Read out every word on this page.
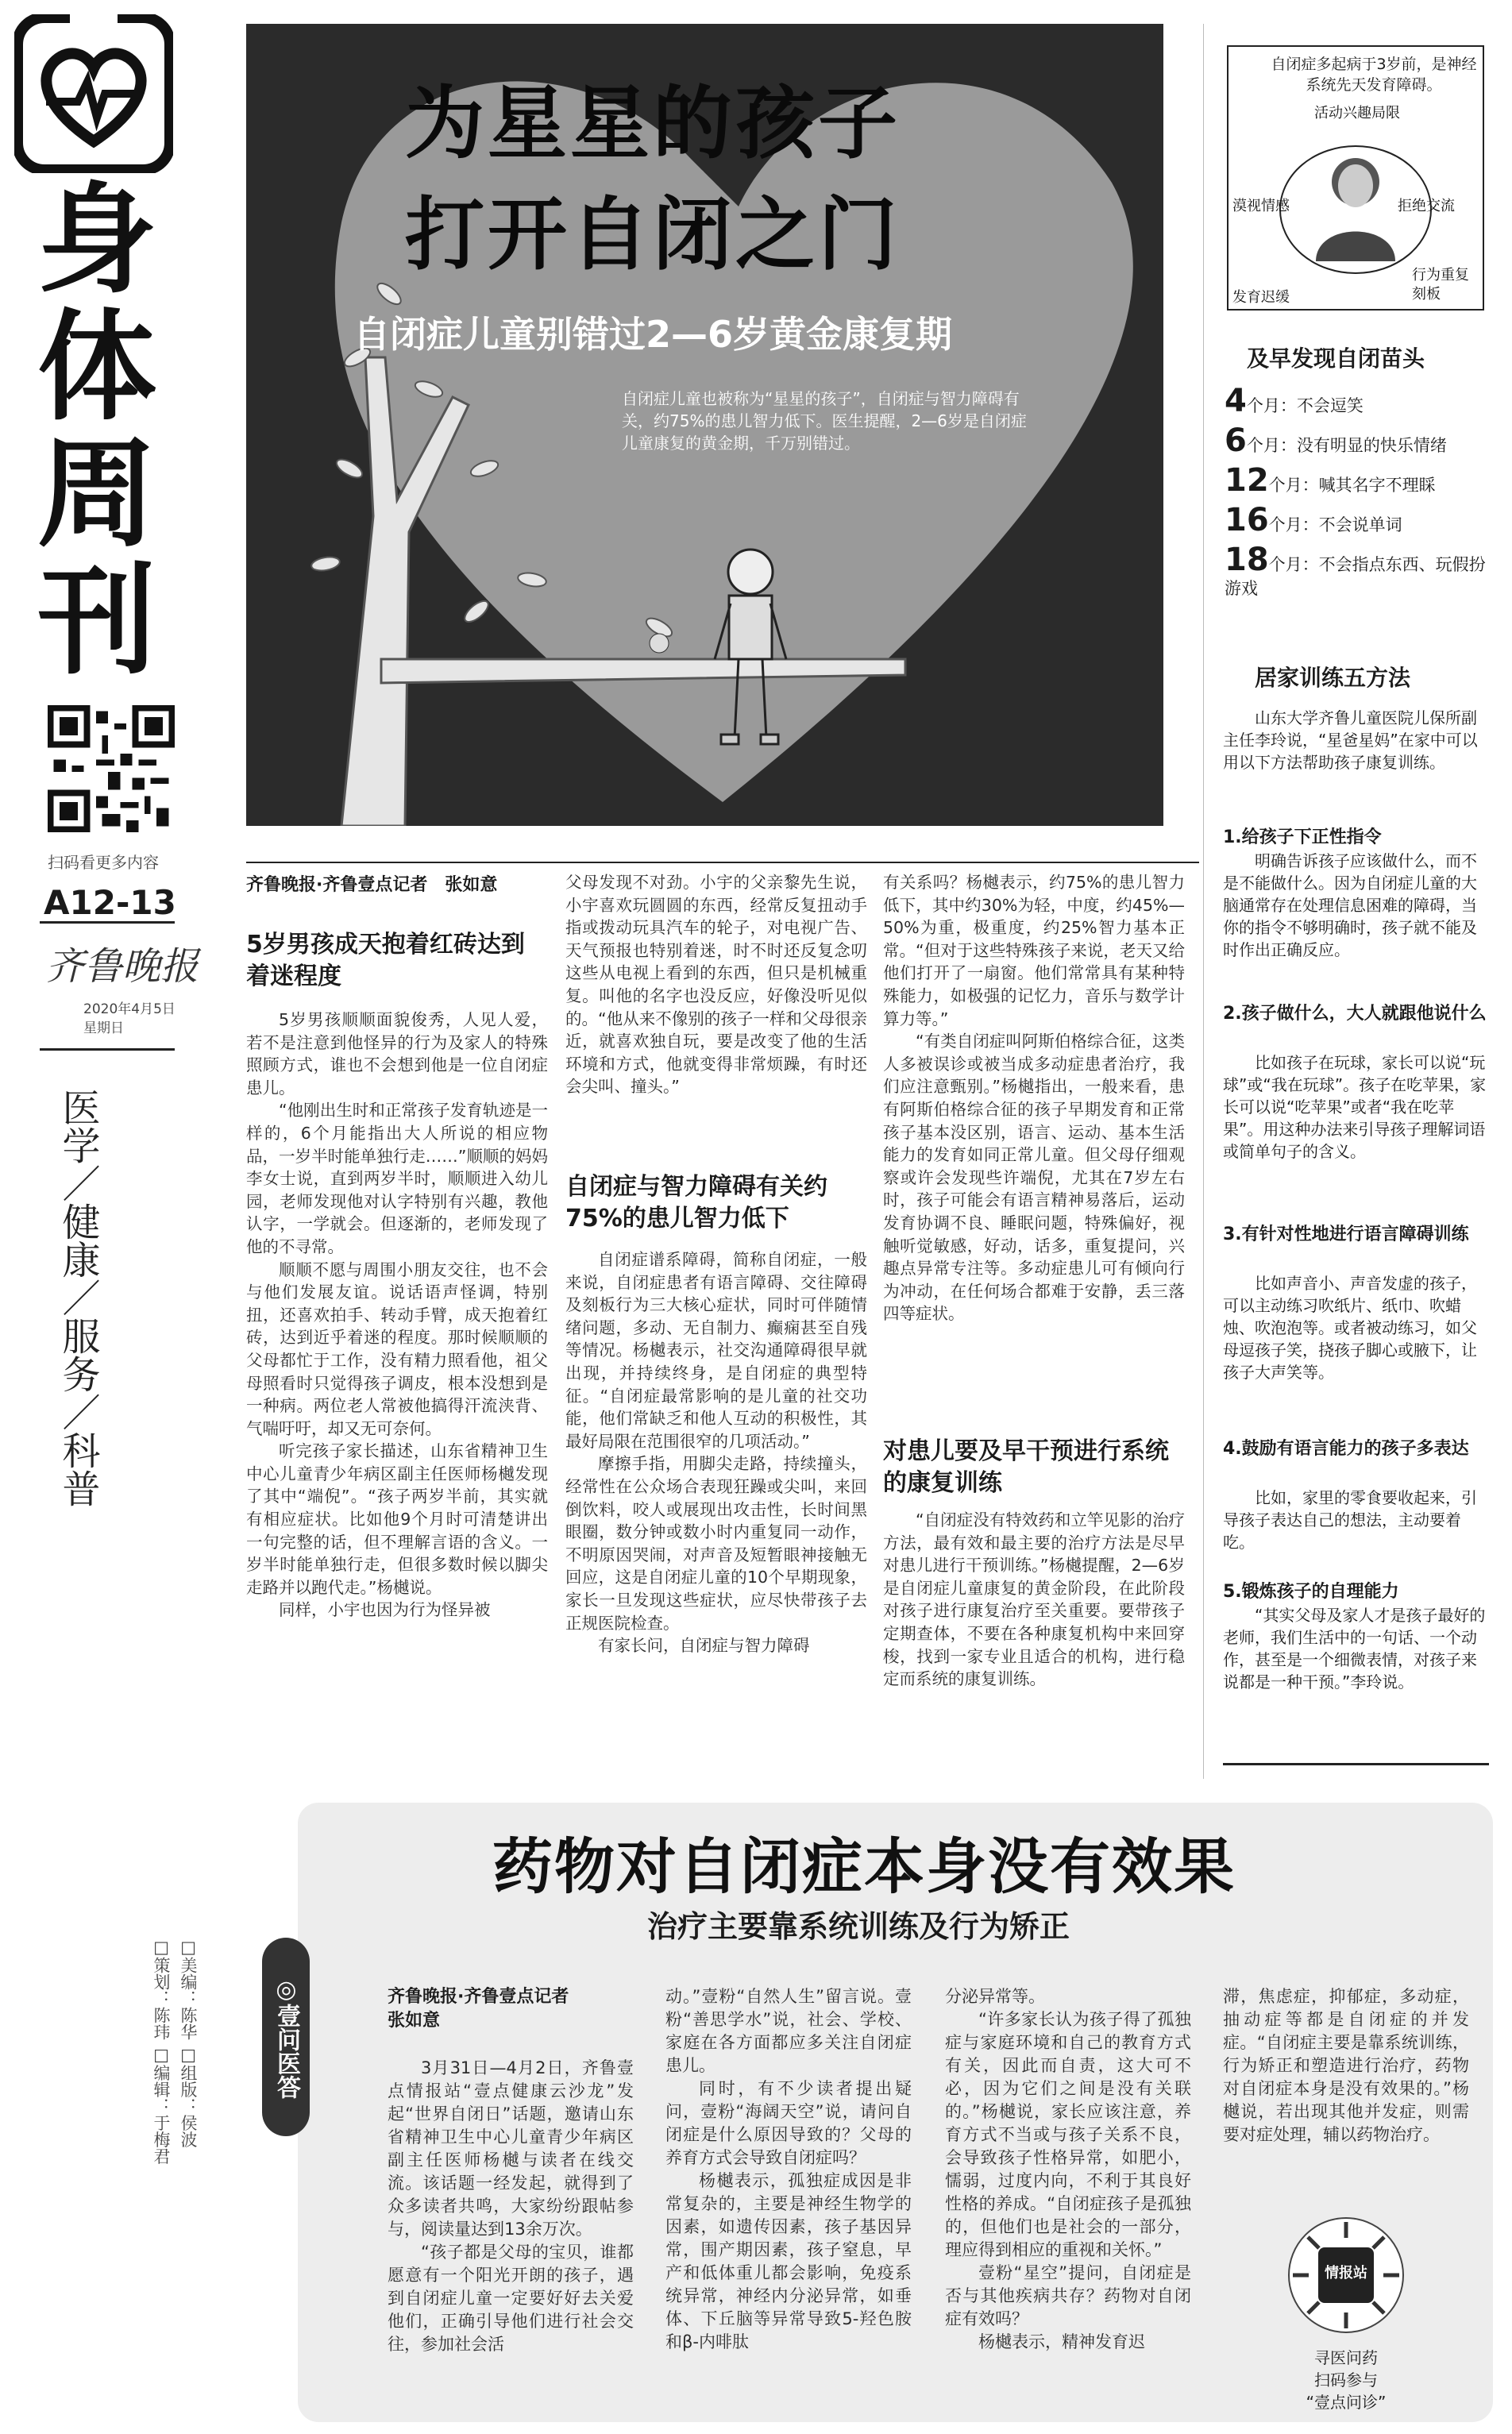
身
体
周
刊
扫码看更多内容
A12-13
齐鲁晚报
2020年4月5日
星期日
医学／健康／服务／科普
为星星的孩子
打开自闭之门
自闭症儿童别错过2—6岁黄金康复期
自闭症儿童也被称为“星星的孩子”，自闭症与智力障碍有关，约75%的患儿智力低下。医生提醒，2—6岁是自闭症儿童康复的黄金期，千万别错过。
自闭症多起病于3岁前，是神经系统先天发育障碍。
活动兴趣局限
漠视情感	拒绝交流
发育迟缓
行为重复刻板
及早发现自闭苗头
4个月：不会逗笑
6个月：没有明显的快乐情绪
12个月：喊其名字不理睬
16个月：不会说单词
18个月：不会指点东西、玩假扮游戏
居家训练五方法
山东大学齐鲁儿童医院儿保所副主任李玲说，“星爸星妈”在家中可以用以下方法帮助孩子康复训练。
1.给孩子下正性指令
明确告诉孩子应该做什么，而不是不能做什么。因为自闭症儿童的大脑通常存在处理信息困难的障碍，当你的指令不够明确时，孩子就不能及时作出正确反应。
2.孩子做什么，大人就跟他说什么
比如孩子在玩球，家长可以说“玩球”或“我在玩球”。孩子在吃苹果，家长可以说“吃苹果”或者“我在吃苹果”。用这种办法来引导孩子理解词语或简单句子的含义。
3.有针对性地进行语言障碍训练
比如声音小、声音发虚的孩子，可以主动练习吹纸片、纸巾、吹蜡烛、吹泡泡等。或者被动练习，如父母逗孩子笑，挠孩子脚心或腋下，让孩子大声笑等。
4.鼓励有语言能力的孩子多表达
比如，家里的零食要收起来，引导孩子表达自己的想法，主动要着吃。
5.锻炼孩子的自理能力
“其实父母及家人才是孩子最好的老师，我们生活中的一句话、一个动作，甚至是一个细微表情，对孩子来说都是一种干预。”李玲说。
齐鲁晚报·齐鲁壹点记者　张如意
5岁男孩成天抱着红砖达到着迷程度

5岁男孩顺顺面貌俊秀，人见人爱，若不是注意到他怪异的行为及家人的特殊照顾方式，谁也不会想到他是一位自闭症患儿。

“他刚出生时和正常孩子发育轨迹是一样的，6个月能指出大人所说的相应物品，一岁半时能单独行走……”顺顺的妈妈李女士说，直到两岁半时，顺顺进入幼儿园，老师发现他对认字特别有兴趣，教他认字，一学就会。但逐渐的，老师发现了他的不寻常。

顺顺不愿与周围小朋友交往，也不会与他们发展友谊。说话语声怪调，特别扭，还喜欢拍手、转动手臂，成天抱着红砖，达到近乎着迷的程度。那时候顺顺的父母都忙于工作，没有精力照看他，祖父母照看时只觉得孩子调皮，根本没想到是一种病。两位老人常被他搞得汗流浃背、气喘吁吁，却又无可奈何。

听完孩子家长描述，山东省精神卫生中心儿童青少年病区副主任医师杨樾发现了其中“端倪”。“孩子两岁半前，其实就有相应症状。比如他9个月时可清楚讲出一句完整的话，但不理解言语的含义。一岁半时能单独行走，但很多数时候以脚尖走路并以跑代走。”杨樾说。

同样，小宇也因为行为怪异被

父母发现不对劲。小宇的父亲黎先生说，小宇喜欢玩圆圆的东西，经常反复扭动手指或拨动玩具汽车的轮子，对电视广告、天气预报也特别着迷，时不时还反复念叨这些从电视上看到的东西，但只是机械重复。叫他的名字也没反应，好像没听见似的。“他从来不像别的孩子一样和父母很亲近，就喜欢独自玩，要是改变了他的生活环境和方式，他就变得非常烦躁，有时还会尖叫、撞头。”

自闭症与智力障碍有关约75%的患儿智力低下

自闭症谱系障碍，简称自闭症，一般来说，自闭症患者有语言障碍、交往障碍及刻板行为三大核心症状，同时可伴随情绪问题，多动、无自制力、癫痫甚至自残等情况。杨樾表示，社交沟通障碍很早就出现，并持续终身，是自闭症的典型特征。“自闭症最常影响的是儿童的社交功能，他们常缺乏和他人互动的积极性，其最好局限在范围很窄的几项活动。”

摩擦手指，用脚尖走路，持续撞头，经常性在公众场合表现狂躁或尖叫，来回倒饮料，咬人或展现出攻击性，长时间黑眼圈，数分钟或数小时内重复同一动作，不明原因哭闹，对声音及短暂眼神接触无回应，这是自闭症儿童的10个早期现象，家长一旦发现这些症状，应尽快带孩子去正规医院检查。

有家长问，自闭症与智力障碍

有关系吗？杨樾表示，约75%的患儿智力低下，其中约30%为轻，中度，约45%—50%为重，极重度，约25%智力基本正常。“但对于这些特殊孩子来说，老天又给他们打开了一扇窗。他们常常具有某种特殊能力，如极强的记忆力，音乐与数学计算力等。”

“有类自闭症叫阿斯伯格综合征，这类人多被误诊或被当成多动症患者治疗，我们应注意甄别。”杨樾指出，一般来看，患有阿斯伯格综合征的孩子早期发育和正常孩子基本没区别，语言、运动、基本生活能力的发育如同正常儿童。但父母仔细观察或许会发现些许端倪，尤其在7岁左右时，孩子可能会有语言精神易落后，运动发育协调不良、睡眠问题，特殊偏好，视触听觉敏感，好动，话多，重复提问，兴趣点异常专注等。多动症患儿可有倾向行为冲动，在任何场合都难于安静，丢三落四等症状。

对患儿要及早干预进行系统的康复训练

“自闭症没有特效药和立竿见影的治疗方法，最有效和最主要的治疗方法是尽早对患儿进行干预训练。”杨樾提醒，2—6岁是自闭症儿童康复的黄金阶段，在此阶段对孩子进行康复治疗至关重要。要带孩子定期查体，不要在各种康复机构中来回穿梭，找到一家专业且适合的机构，进行稳定而系统的康复训练。

药物对自闭症本身没有效果
治疗主要靠系统训练及行为矫正
□美编：陈华 □组版：侯波
□策划：陈玮 □编辑：于梅君	◎壹问医答	齐鲁晚报·齐鲁壹点记者　张如意

3月31日—4月2日，齐鲁壹点情报站“壹点健康云沙龙”发起“世界自闭日”话题，邀请山东省精神卫生中心儿童青少年病区副主任医师杨樾与读者在线交流。该话题一经发起，就得到了众多读者共鸣，大家纷纷跟帖参与，阅读量达到13余万次。

“孩子都是父母的宝贝，谁都愿意有一个阳光开朗的孩子，遇到自闭症儿童一定要好好去关爱他们，正确引导他们进行社会交往，参加社会活

动。”壹粉“自然人生”留言说。壹粉“善思学水”说，社会、学校、家庭在各方面都应多关注自闭症患儿。

同时，有不少读者提出疑问，壹粉“海阔天空”说，请问自闭症是什么原因导致的？父母的养育方式会导致自闭症吗？

杨樾表示，孤独症成因是非常复杂的，主要是神经生物学的因素，如遗传因素，孩子基因异常，围产期因素，孩子窒息，早产和低体重儿都会影响，免疫系统异常，神经内分泌异常，如垂体、下丘脑等异常导致5-羟色胺和β-内啡肽

分泌异常等。

“许多家长认为孩子得了孤独症与家庭环境和自己的教育方式有关，因此而自责，这大可不必，因为它们之间是没有关联的。”杨樾说，家长应该注意，养育方式不当或与孩子关系不良，会导致孩子性格异常，如肥小，懦弱，过度内向，不利于其良好性格的养成。“自闭症孩子是孤独的，但他们也是社会的一部分，理应得到相应的重视和关怀。”

壹粉“星空”提问，自闭症是否与其他疾病共存？药物对自闭症有效吗？

杨樾表示，精神发育迟

滞，焦虑症，抑郁症，多动症，抽动症等都是自闭症的并发症。“自闭症主要是靠系统训练，行为矫正和塑造进行治疗，药物对自闭症本身是没有效果的。”杨樾说，若出现其他并发症，则需要对症处理，辅以药物治疗。

情报站
寻医问药
扫码参与
“壹点问诊”
